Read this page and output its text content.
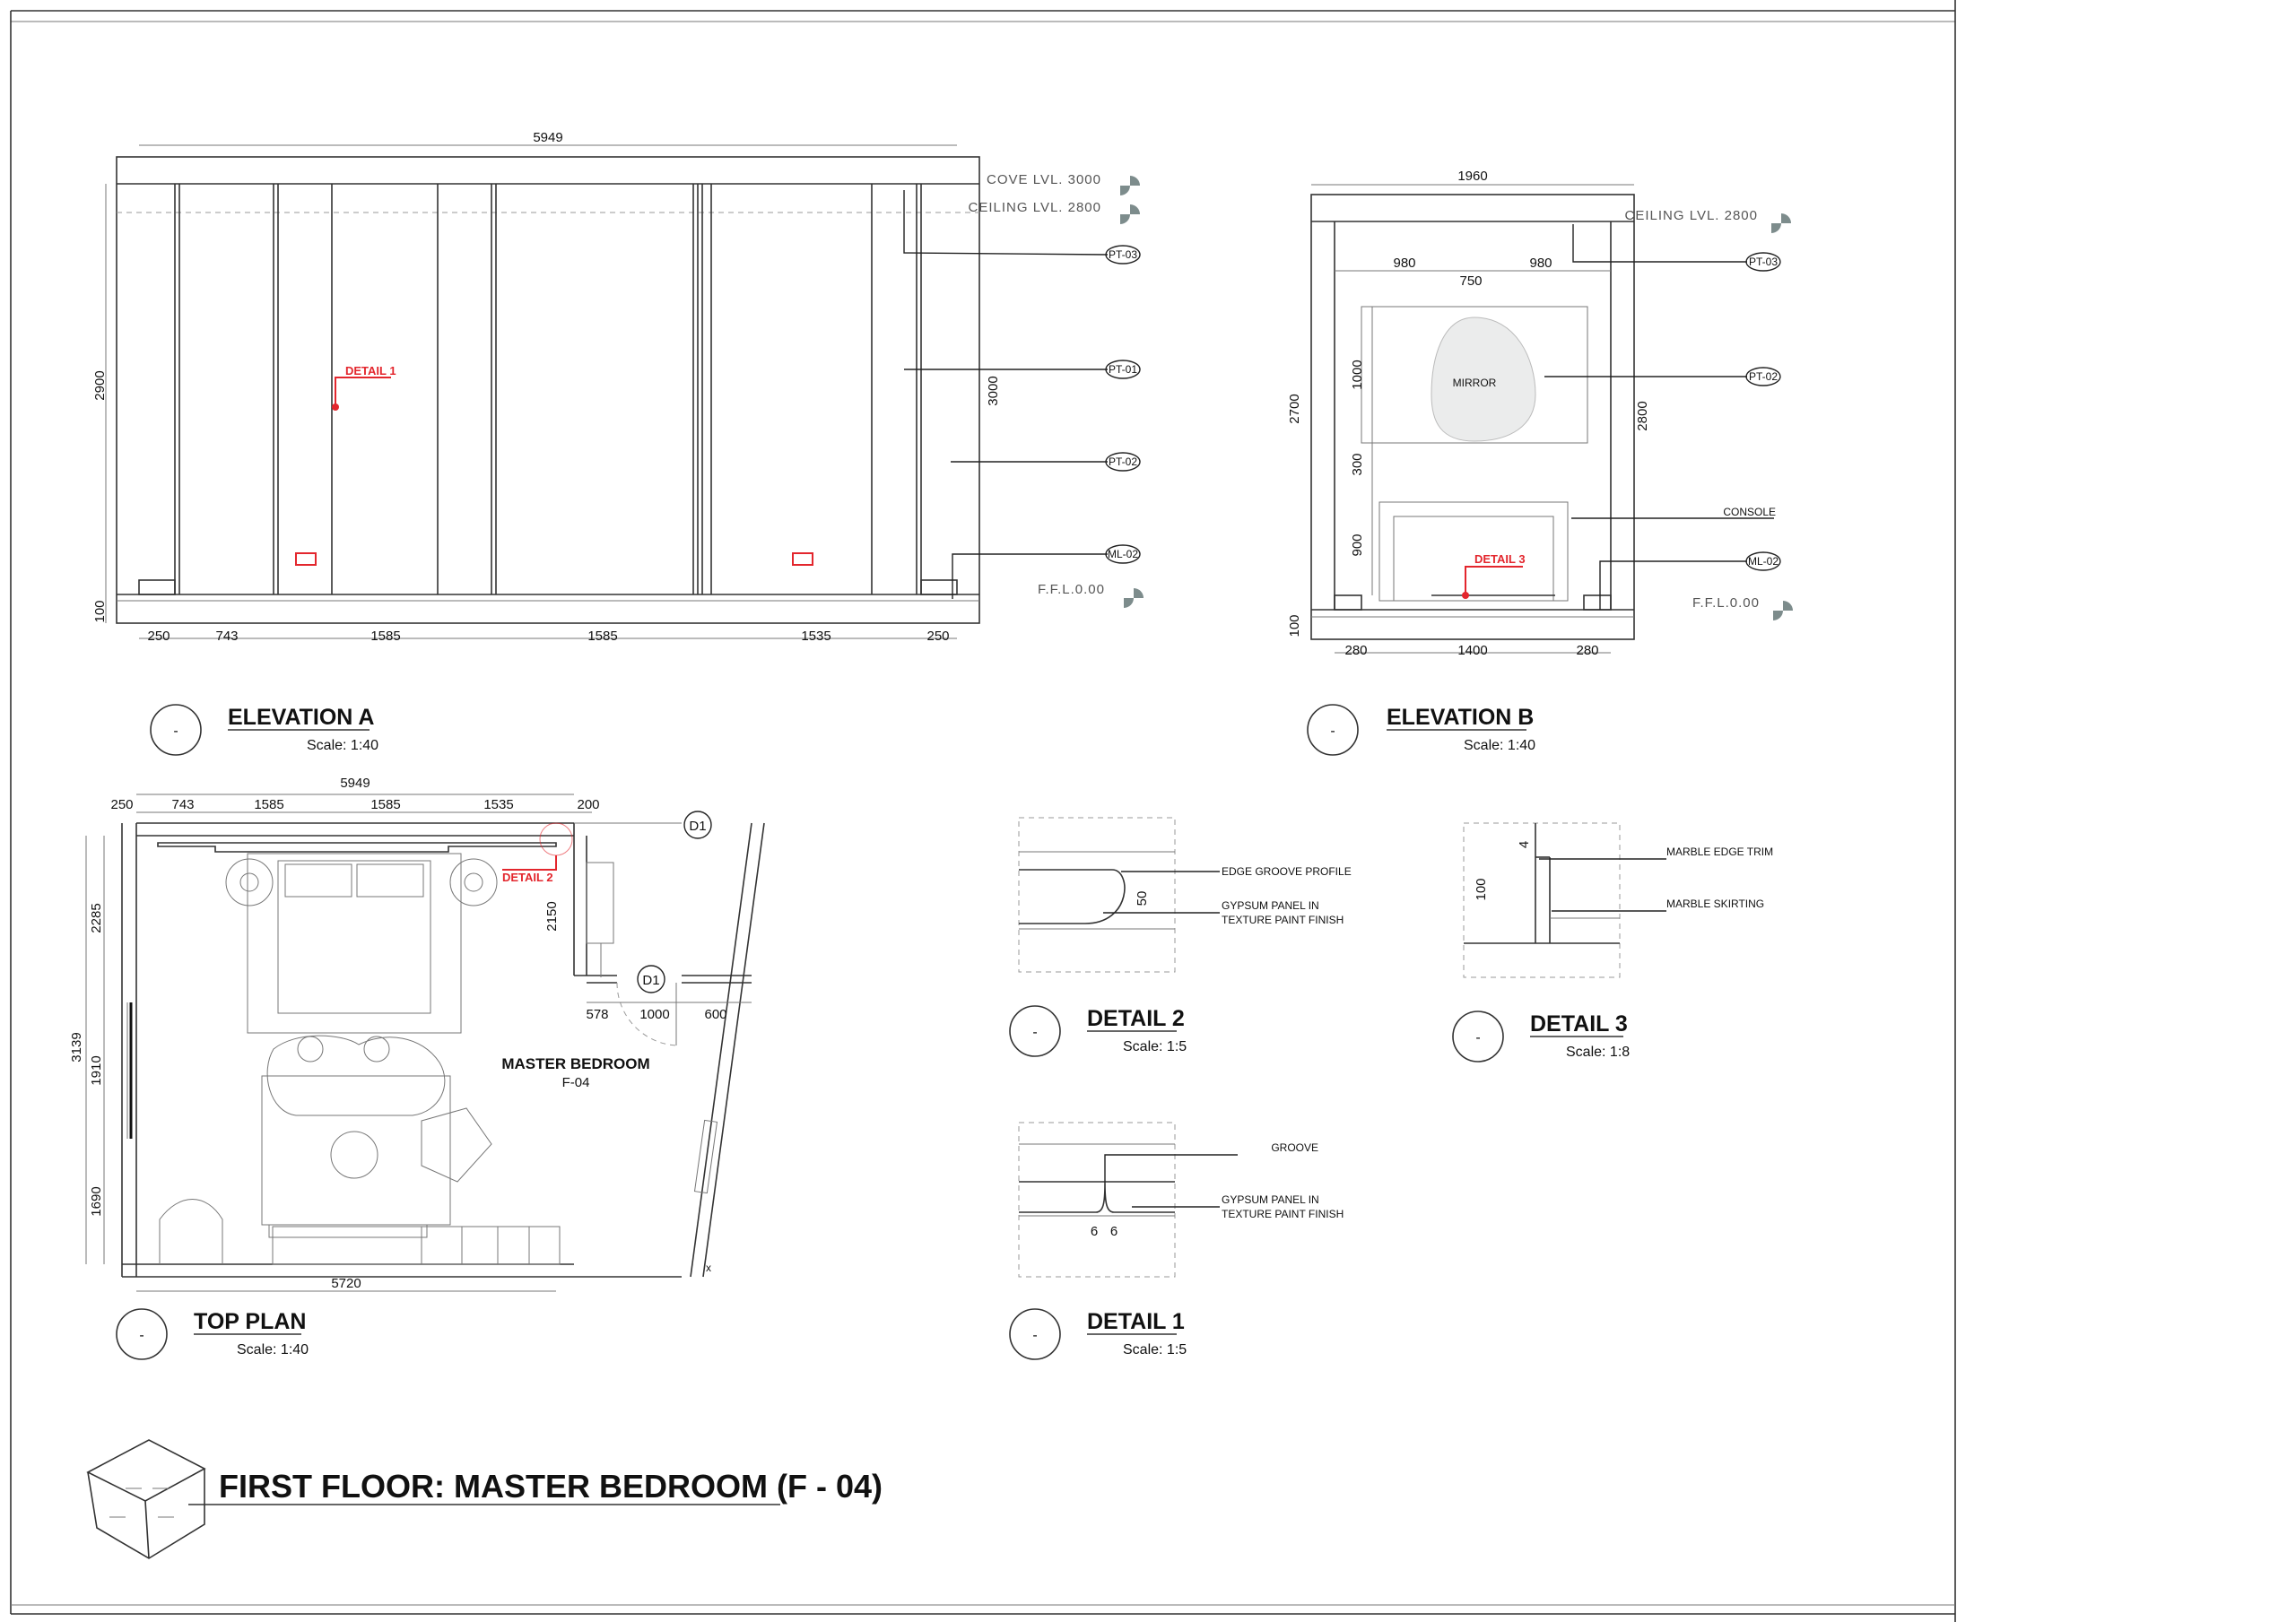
5949
250	743	1585	1585	1535	250
2900
100
3000
COVE LVL. 3000
CEILING LVL. 2800
F.F.L.0.00
PT-03
PT-01
PT-02
ML-02
DETAIL 1
-
ELEVATION A
Scale: 1:40
MIRROR
1960
980
750
980
280	1400	280
2700
100
1000
300
900
2800
CEILING LVL. 2800
F.F.L.0.00
CONSOLE
PT-03
PT-02
ML-02
DETAIL 3
-
ELEVATION B
Scale: 1:40
5949
250	743	1585	1585	1535	200
2285
1910
1690
3139
5720
2150
578 1000	600
D1
D1
MASTER BEDROOM
F-04
DETAIL 2
x
-
TOP PLAN
Scale: 1:40
EDGE GROOVE PROFILE
GYPSUM PANEL IN
TEXTURE PAINT FINISH
50
-
DETAIL 2
Scale: 1:5
MARBLE EDGE TRIM
MARBLE SKIRTING
4
100
-
DETAIL 3
Scale: 1:8
GROOVE
GYPSUM PANEL IN
TEXTURE PAINT FINISH
6 6
-
DETAIL 1
Scale: 1:5
FIRST FLOOR: MASTER BEDROOM (F - 04)
